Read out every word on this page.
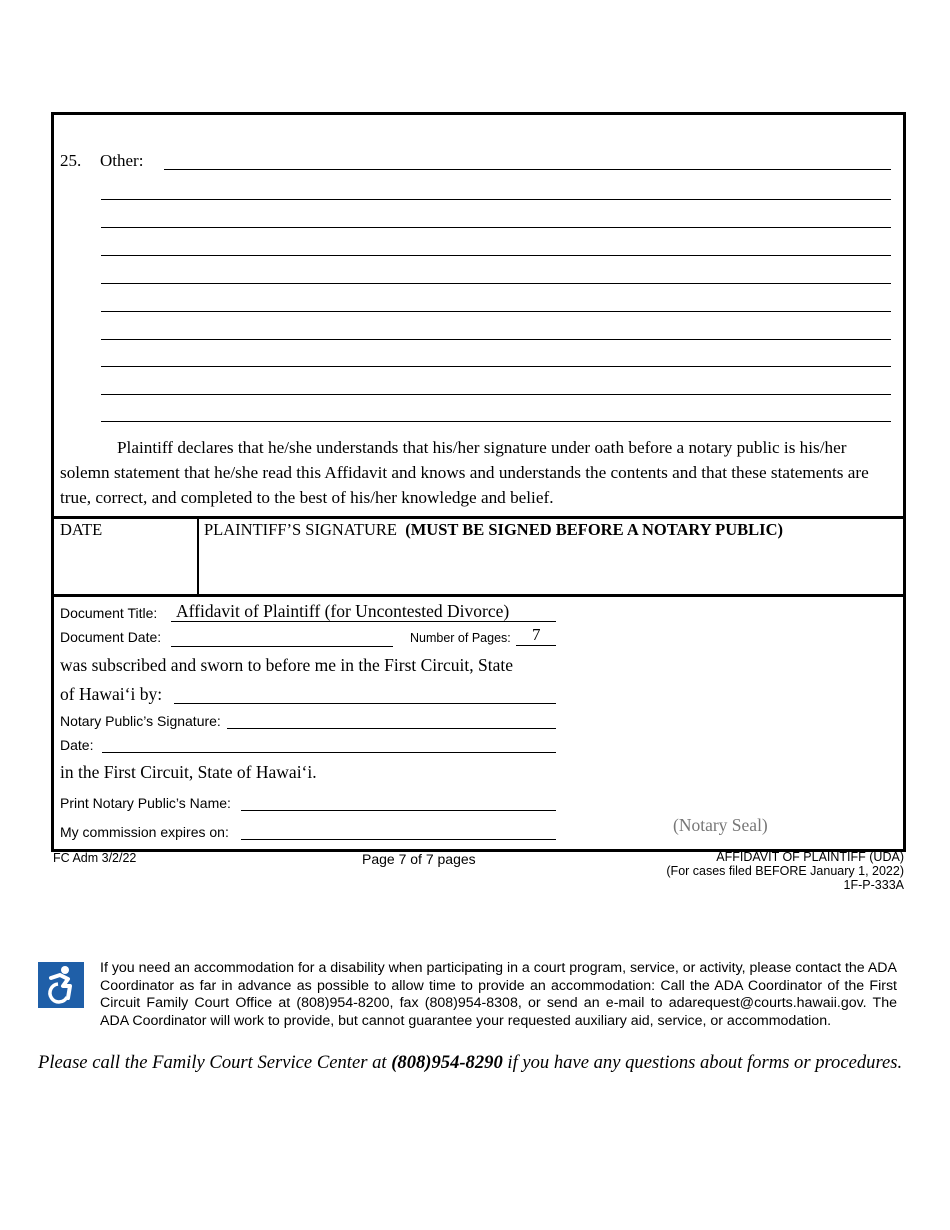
25. Other:
Plaintiff declares that he/she understands that his/her signature under oath before a notary public is his/her solemn statement that he/she read this Affidavit and knows and understands the contents and that these statements are true, correct, and completed to the best of his/her knowledge and belief.
DATE	PLAINTIFF’S SIGNATURE (MUST BE SIGNED BEFORE A NOTARY PUBLIC)
Document Title: Affidavit of Plaintiff (for Uncontested Divorce)
Document Date:	Number of Pages: 7
was subscribed and sworn to before me in the First Circuit, State
of Hawai‘i by:
Notary Public’s Signature:
Date:
in the First Circuit, State of Hawai‘i.
Print Notary Public’s Name:
My commission expires on:	(Notary Seal)
FC Adm 3/2/22	Page 7 of 7 pages	AFFIDAVIT OF PLAINTIFF (UDA)
(For cases filed BEFORE January 1, 2022)
1F-P-333A
If you need an accommodation for a disability when participating in a court program, service, or activity, please contact the ADA Coordinator as far in advance as possible to allow time to provide an accommodation: Call the ADA Coordinator of the First Circuit Family Court Office at (808)954-8200, fax (808)954-8308, or send an e-mail to adarequest@courts.hawaii.gov. The ADA Coordinator will work to provide, but cannot guarantee your requested auxiliary aid, service, or accommodation.
Please call the Family Court Service Center at (808)954-8290 if you have any questions about forms or procedures.
